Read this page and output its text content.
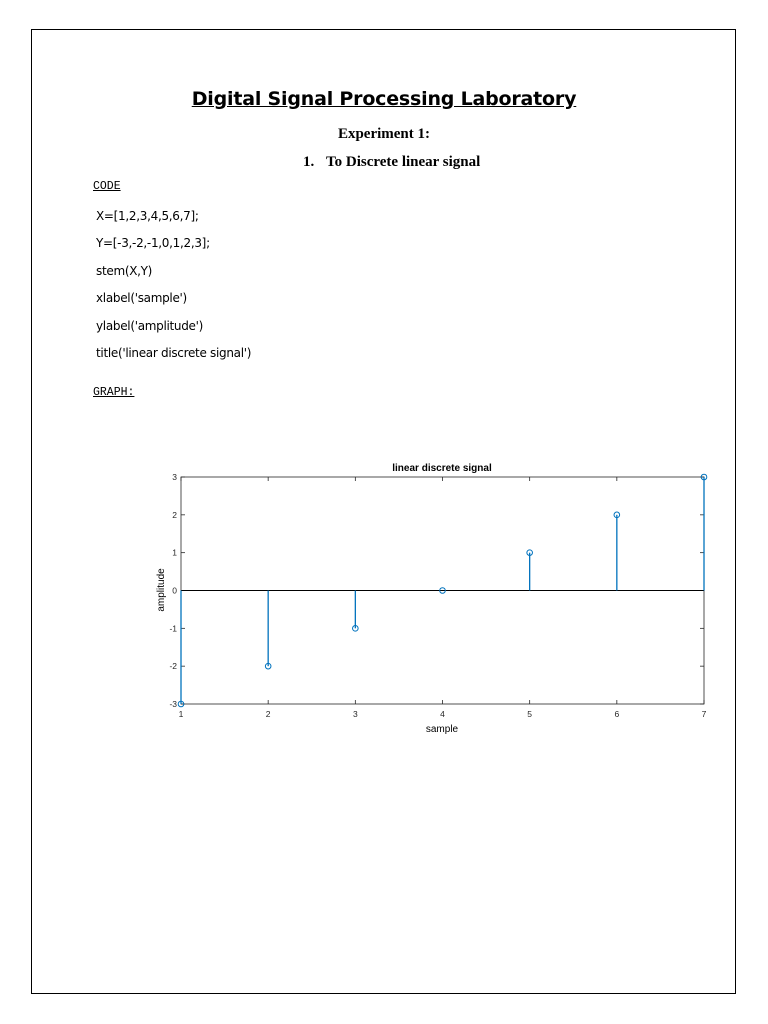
Digital Signal Processing Laboratory
Experiment 1:
1. To Discrete linear signal
CODE
X=[1,2,3,4,5,6,7];
Y=[-3,-2,-1,0,1,2,3];
stem(X,Y)
xlabel('sample')
ylabel('amplitude')
title('linear discrete signal')
GRAPH:
linear discrete signal
sample
amplitude
1	2	3	4	5	6	7
-3
-2
-1
0
1
2
3
